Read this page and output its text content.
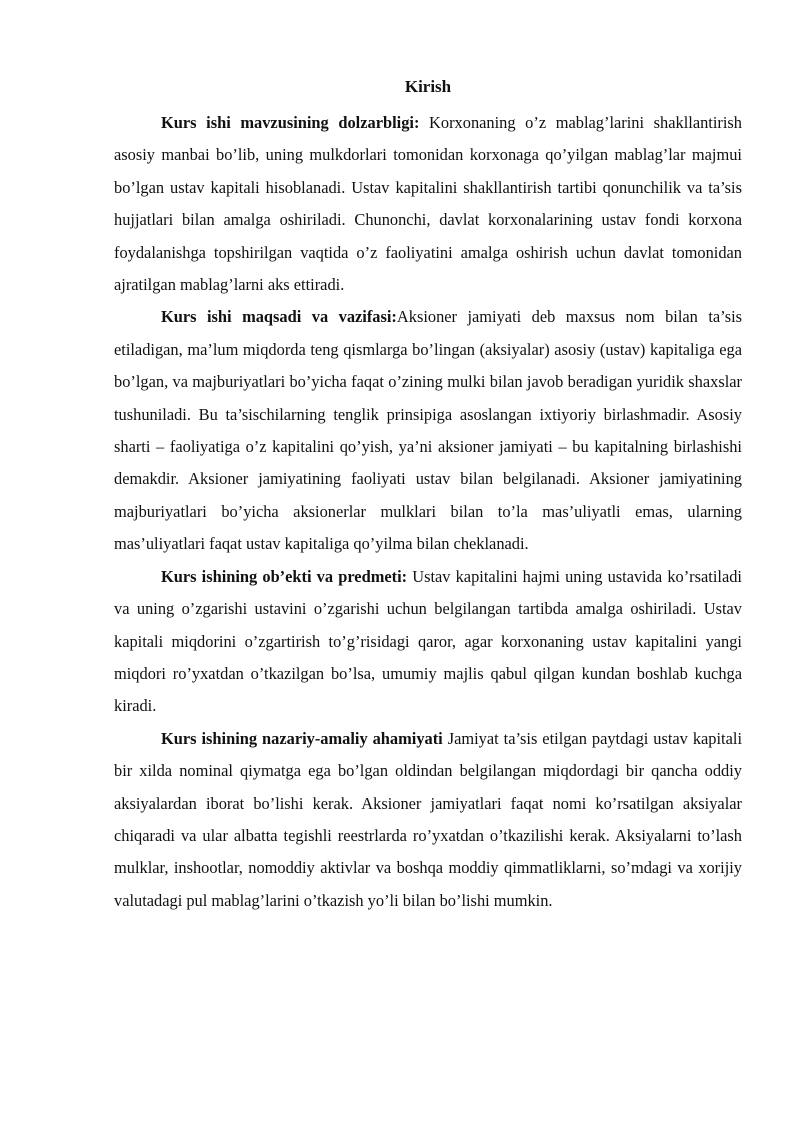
Kirish

Kurs ishi mavzusining dolzarbligi: Korxonaning o’z mablag’larini shakllantirish asosiy manbai bo’lib, uning mulkdorlari tomonidan korxonaga qo’yilgan mablag’lar majmui bo’lgan ustav kapitali hisoblanadi. Ustav kapitalini shakllantirish tartibi qonunchilik va ta’sis hujjatlari bilan amalga oshiriladi. Chunonchi, davlat korxonalarining ustav fondi korxona foydalanishga topshirilgan vaqtida o’z faoliyatini amalga oshirish uchun davlat tomonidan ajratilgan mablag’larni aks ettiradi.

Kurs ishi maqsadi va vazifasi:Aksioner jamiyati deb maxsus nom bilan ta’sis etiladigan, ma’lum miqdorda teng qismlarga bo’lingan (aksiyalar) asosiy (ustav) kapitaliga ega bo’lgan, va majburiyatlari bo’yicha faqat o’zining mulki bilan javob beradigan yuridik shaxslar tushuniladi. Bu ta’sischilarning tenglik prinsipiga asoslangan ixtiyoriy birlashmadir. Asosiy sharti – faoliyatiga o’z kapitalini qo’yish, ya’ni aksioner jamiyati – bu kapitalning birlashishi demakdir. Aksioner jamiyatining faoliyati ustav bilan belgilanadi. Aksioner jamiyatining majburiyatlari bo’yicha aksionerlar mulklari bilan to’la mas’uliyatli emas, ularning mas’uliyatlari faqat ustav kapitaliga qo’yilma bilan cheklanadi.

Kurs ishining ob’ekti va predmeti: Ustav kapitalini hajmi uning ustavida ko’rsatiladi va uning o’zgarishi ustavini o’zgarishi uchun belgilangan tartibda amalga oshiriladi. Ustav kapitali miqdorini o’zgartirish to’g’risidagi qaror, agar korxonaning ustav kapitalini yangi miqdori ro’yxatdan o’tkazilgan bo’lsa, umumiy majlis qabul qilgan kundan boshlab kuchga kiradi.

Kurs ishining nazariy-amaliy ahamiyati Jamiyat ta’sis etilgan paytdagi ustav kapitali bir xilda nominal qiymatga ega bo’lgan oldindan belgilangan miqdordagi bir qancha oddiy aksiyalardan iborat bo’lishi kerak. Aksioner jamiyatlari faqat nomi ko’rsatilgan aksiyalar chiqaradi va ular albatta tegishli reestrlarda ro’yxatdan o’tkazilishi kerak. Aksiyalarni to’lash mulklar, inshootlar, nomoddiy aktivlar va boshqa moddiy qimmatliklarni, so’mdagi va xorijiy valutadagi pul mablag’larini o’tkazish yo’li bilan bo’lishi mumkin.
